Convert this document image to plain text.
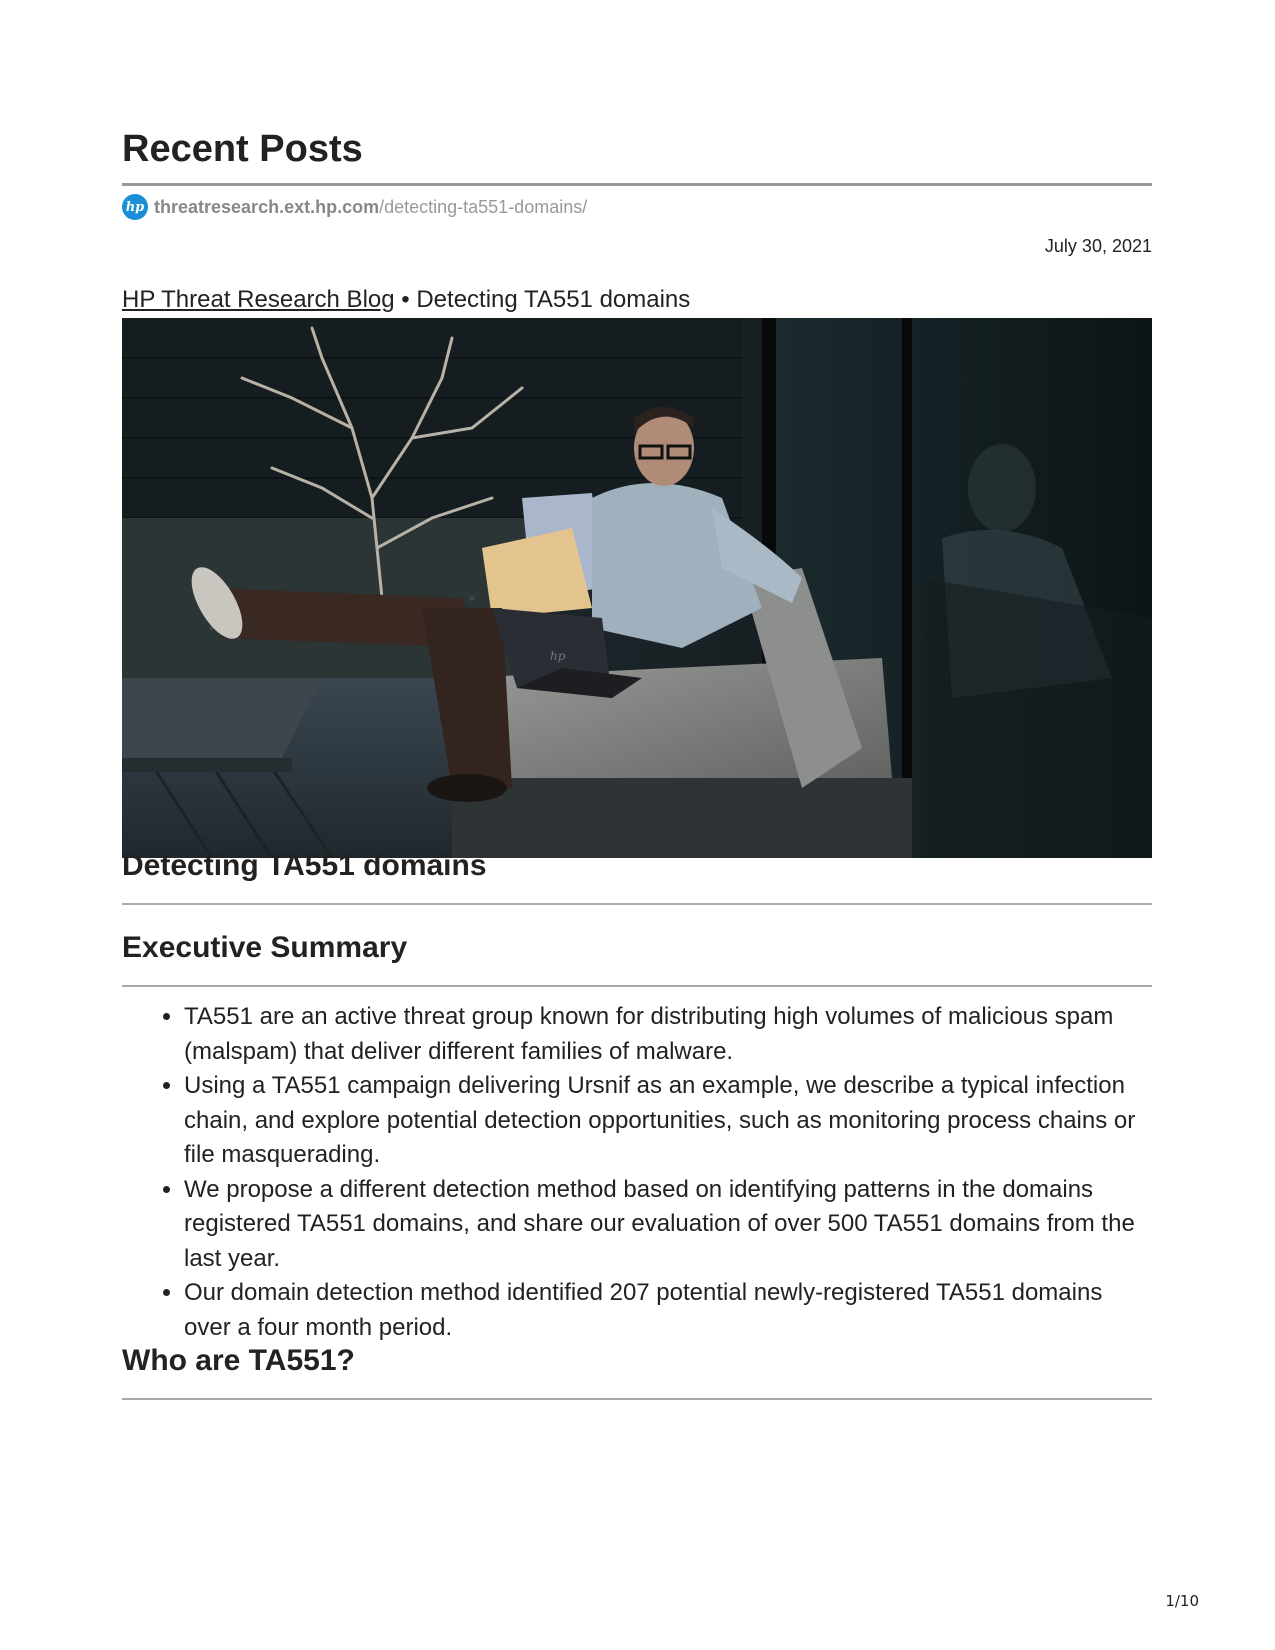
Recent Posts
hp threatresearch.ext.hp.com /detecting-ta551-domains/
July 30, 2021
HP Threat Research Blog • Detecting TA551 domains
hp
Detecting TA551 domains
Executive Summary
• TA551 are an active threat group known for distributing high volumes of malicious spam (malspam) that deliver different families of malware.
• Using a TA551 campaign delivering Ursnif as an example, we describe a typical infection chain, and explore potential detection opportunities, such as monitoring process chains or file masquerading.
• We propose a different detection method based on identifying patterns in the domains registered TA551 domains, and share our evaluation of over 500 TA551 domains from the last year.
• Our domain detection method identified 207 potential newly-registered TA551 domains over a four month period.
Who are TA551?
1/10
